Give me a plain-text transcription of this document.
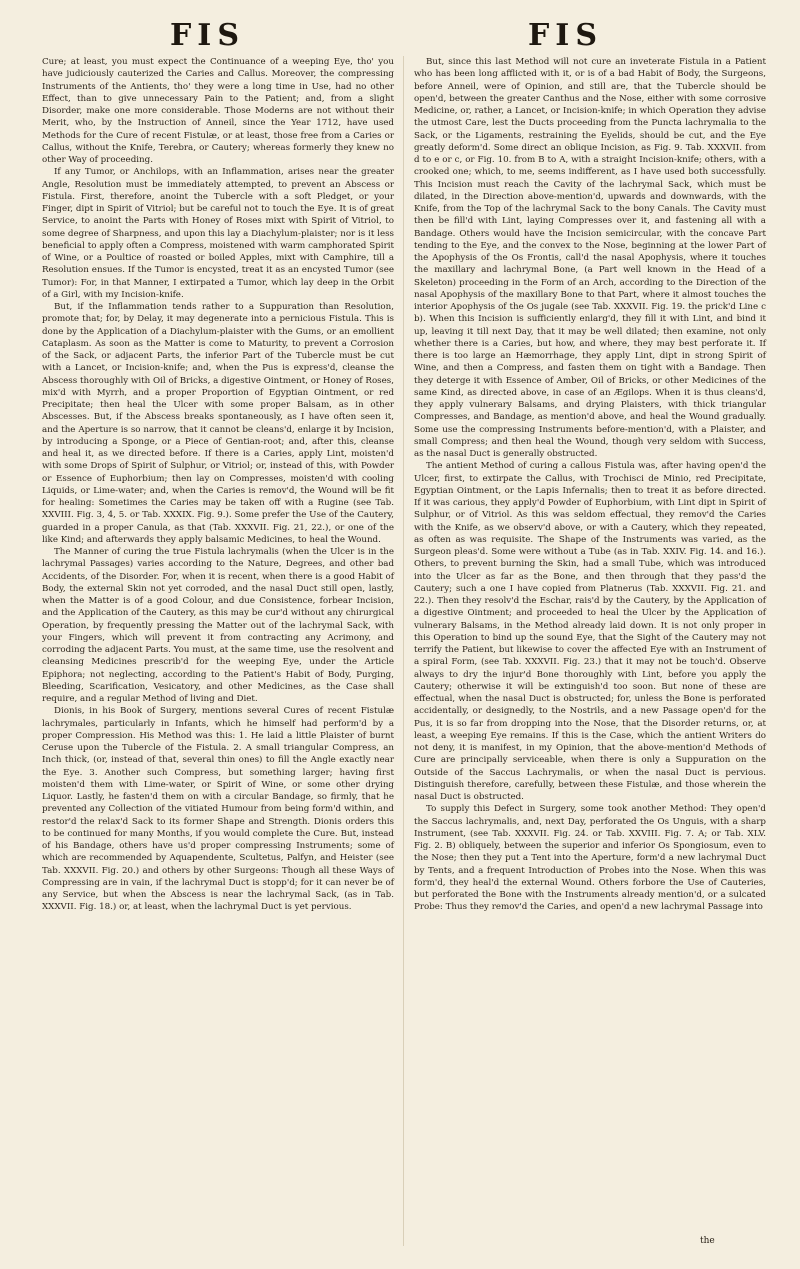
FIS	FIS

Cure; at least, you must expect the Continuance of a weeping Eye, tho' you have judiciously cauterized the Caries and Callus. Moreover, the compressing Instruments of the Antients, tho' they were a long time in Use, had no other Effect, than to give unnecessary Pain to the Patient; and, from a slight Disorder, make one more considerable. Those Moderns are not without their Merit, who, by the Instruction of Anneil, since the Year 1712, have used Methods for the Cure of recent Fistulæ, or at least, those free from a Caries or Callus, without the Knife, Terebra, or Cautery; whereas formerly they knew no other Way of proceeding.

If any Tumor, or Anchilops, with an Inflammation, arises near the greater Angle, Resolution must be immediately attempted, to prevent an Abscess or Fistula. First, therefore, anoint the Tubercle with a soft Pledget, or your Finger, dipt in Spirit of Vitriol; but be careful not to touch the Eye. It is of great Service, to anoint the Parts with Honey of Roses mixt with Spirit of Vitriol, to some degree of Sharpness, and upon this lay a Diachylum-plaister; nor is it less beneficial to apply often a Compress, moistened with warm camphorated Spirit of Wine, or a Poultice of roasted or boiled Apples, mixt with Camphire, till a Resolution ensues. If the Tumor is encysted, treat it as an encysted Tumor (see Tumor): For, in that Manner, I extirpated a Tumor, which lay deep in the Orbit of a Girl, with my Incision-knife.

But, if the Inflammation tends rather to a Suppuration than Resolution, promote that; for, by Delay, it may degenerate into a pernicious Fistula. This is done by the Application of a Diachylum-plaister with the Gums, or an emollient Cataplasm. As soon as the Matter is come to Maturity, to prevent a Corrosion of the Sack, or adjacent Parts, the inferior Part of the Tubercle must be cut with a Lancet, or Incision-knife; and, when the Pus is express'd, cleanse the Abscess thoroughly with Oil of Bricks, a digestive Ointment, or Honey of Roses, mix'd with Myrrh, and a proper Proportion of Egyptian Ointment, or red Precipitate; then heal the Ulcer with some proper Balsam, as in other Abscesses. But, if the Abscess breaks spontaneously, as I have often seen it, and the Aperture is so narrow, that it cannot be cleans'd, enlarge it by Incision, by introducing a Sponge, or a Piece of Gentian-root; and, after this, cleanse and heal it, as we directed before. If there is a Caries, apply Lint, moisten'd with some Drops of Spirit of Sulphur, or Vitriol; or, instead of this, with Powder or Essence of Euphorbium; then lay on Compresses, moisten'd with cooling Liquids, or Lime-water; and, when the Caries is remov'd, the Wound will be fit for healing: Sometimes the Caries may be taken off with a Rugine (see Tab. XXVIII. Fig. 3, 4, 5. or Tab. XXXIX. Fig. 9.). Some prefer the Use of the Cautery, guarded in a proper Canula, as that (Tab. XXXVII. Fig. 21, 22.), or one of the like Kind; and afterwards they apply balsamic Medicines, to heal the Wound.

The Manner of curing the true Fistula lachrymalis (when the Ulcer is in the lachrymal Passages) varies according to the Nature, Degrees, and other bad Accidents, of the Disorder. For, when it is recent, when there is a good Habit of Body, the external Skin not yet corroded, and the nasal Duct still open, lastly, when the Matter is of a good Colour, and due Consistence, forbear Incision, and the Application of the Cautery, as this may be cur'd without any chirurgical Operation, by frequently pressing the Matter out of the lachrymal Sack, with your Fingers, which will prevent it from contracting any Acrimony, and corroding the adjacent Parts. You must, at the same time, use the resolvent and cleansing Medicines prescrib'd for the weeping Eye, under the Article Epiphora; not neglecting, according to the Patient's Habit of Body, Purging, Bleeding, Scarification, Vesicatory, and other Medicines, as the Case shall require, and a regular Method of living and Diet.

Dionis, in his Book of Surgery, mentions several Cures of recent Fistulæ lachrymales, particularly in Infants, which he himself had perform'd by a proper Compression. His Method was this: 1. He laid a little Plaister of burnt Ceruse upon the Tubercle of the Fistula. 2. A small triangular Compress, an Inch thick, (or, instead of that, several thin ones) to fill the Angle exactly near the Eye. 3. Another such Compress, but something larger; having first moisten'd them with Lime-water, or Spirit of Wine, or some other drying Liquor. Lastly, he fasten'd them on with a circular Bandage, so firmly, that he prevented any Collection of the vitiated Humour from being form'd within, and restor'd the relax'd Sack to its former Shape and Strength. Dionis orders this to be continued for many Months, if you would complete the Cure. But, instead of his Bandage, others have us'd proper compressing Instruments; some of which are recommended by Aquapendente, Scultetus, Palfyn, and Heister (see Tab. XXXVII. Fig. 20.) and others by other Surgeons: Though all these Ways of Compressing are in vain, if the lachrymal Duct is stopp'd; for it can never be of any Service, but when the Abscess is near the lachrymal Sack, (as in Tab. XXXVII. Fig. 18.) or, at least, when the lachrymal Duct is yet pervious.

But, since this last Method will not cure an inveterate Fistula in a Patient who has been long afflicted with it, or is of a bad Habit of Body, the Surgeons, before Anneil, were of Opinion, and still are, that the Tubercle should be open'd, between the greater Canthus and the Nose, either with some corrosive Medicine, or, rather, a Lancet, or Incision-knife; in which Operation they advise the utmost Care, lest the Ducts proceeding from the Puncta lachrymalia to the Sack, or the Ligaments, restraining the Eyelids, should be cut, and the Eye greatly deform'd. Some direct an oblique Incision, as Fig. 9. Tab. XXXVII. from d to e or c, or Fig. 10. from B to A, with a straight Incision-knife; others, with a crooked one; which, to me, seems indifferent, as I have used both successfully. This Incision must reach the Cavity of the lachrymal Sack, which must be dilated, in the Direction above-mention'd, upwards and downwards, with the Knife, from the Top of the lachrymal Sack to the bony Canals. The Cavity must then be fill'd with Lint, laying Compresses over it, and fastening all with a Bandage. Others would have the Incision semicircular, with the concave Part tending to the Eye, and the convex to the Nose, beginning at the lower Part of the Apophysis of the Os Frontis, call'd the nasal Apophysis, where it touches the maxillary and lachrymal Bone, (a Part well known in the Head of a Skeleton) proceeding in the Form of an Arch, according to the Direction of the nasal Apophysis of the maxillary Bone to that Part, where it almost touches the interior Apophysis of the Os jugale (see Tab. XXXVII. Fig. 19. the prick'd Line c b). When this Incision is sufficiently enlarg'd, they fill it with Lint, and bind it up, leaving it till next Day, that it may be well dilated; then examine, not only whether there is a Caries, but how, and where, they may best perforate it. If there is too large an Hæmorrhage, they apply Lint, dipt in strong Spirit of Wine, and then a Compress, and fasten them on tight with a Bandage. Then they deterge it with Essence of Amber, Oil of Bricks, or other Medicines of the same Kind, as directed above, in case of an Ægilops. When it is thus cleans'd, they apply vulnerary Balsams, and drying Plaisters, with thick triangular Compresses, and Bandage, as mention'd above, and heal the Wound gradually. Some use the compressing Instruments before-mention'd, with a Plaister, and small Compress; and then heal the Wound, though very seldom with Success, as the nasal Duct is generally obstructed.

The antient Method of curing a callous Fistula was, after having open'd the Ulcer, first, to extirpate the Callus, with Trochisci de Minio, red Precipitate, Egyptian Ointment, or the Lapis Infernalis; then to treat it as before directed. If it was carious, they apply'd Powder of Euphorbium, with Lint dipt in Spirit of Sulphur, or of Vitriol. As this was seldom effectual, they remov'd the Caries with the Knife, as we observ'd above, or with a Cautery, which they repeated, as often as was requisite. The Shape of the Instruments was varied, as the Surgeon pleas'd. Some were without a Tube (as in Tab. XXIV. Fig. 14. and 16.). Others, to prevent burning the Skin, had a small Tube, which was introduced into the Ulcer as far as the Bone, and then through that they pass'd the Cautery; such a one I have copied from Platnerus (Tab. XXXVII. Fig. 21. and 22.). Then they resolv'd the Eschar, rais'd by the Cautery, by the Application of a digestive Ointment; and proceeded to heal the Ulcer by the Application of vulnerary Balsams, in the Method already laid down. It is not only proper in this Operation to bind up the sound Eye, that the Sight of the Cautery may not terrify the Patient, but likewise to cover the affected Eye with an Instrument of a spiral Form, (see Tab. XXXVII. Fig. 23.) that it may not be touch'd. Observe always to dry the injur'd Bone thoroughly with Lint, before you apply the Cautery; otherwise it will be extinguish'd too soon. But none of these are effectual, when the nasal Duct is obstructed; for, unless the Bone is perforated accidentally, or designedly, to the Nostrils, and a new Passage open'd for the Pus, it is so far from dropping into the Nose, that the Disorder returns, or, at least, a weeping Eye remains. If this is the Case, which the antient Writers do not deny, it is manifest, in my Opinion, that the above-mention'd Methods of Cure are principally serviceable, when there is only a Suppuration on the Outside of the Saccus Lachrymalis, or when the nasal Duct is pervious. Distinguish therefore, carefully, between these Fistulæ, and those wherein the nasal Duct is obstructed.

To supply this Defect in Surgery, some took another Method: They open'd the Saccus lachrymalis, and, next Day, perforated the Os Unguis, with a sharp Instrument, (see Tab. XXXVII. Fig. 24. or Tab. XXVIII. Fig. 7. A; or Tab. XLV. Fig. 2. B) obliquely, between the superior and inferior Os Spongiosum, even to the Nose; then they put a Tent into the Aperture, form'd a new lachrymal Duct by Tents, and a frequent Introduction of Probes into the Nose. When this was form'd, they heal'd the external Wound. Others forbore the Use of Cauteries, but perforated the Bone with the Instruments already mention'd, or a sulcated Probe: Thus they remov'd the Caries, and open'd a new lachrymal Passage into

the
